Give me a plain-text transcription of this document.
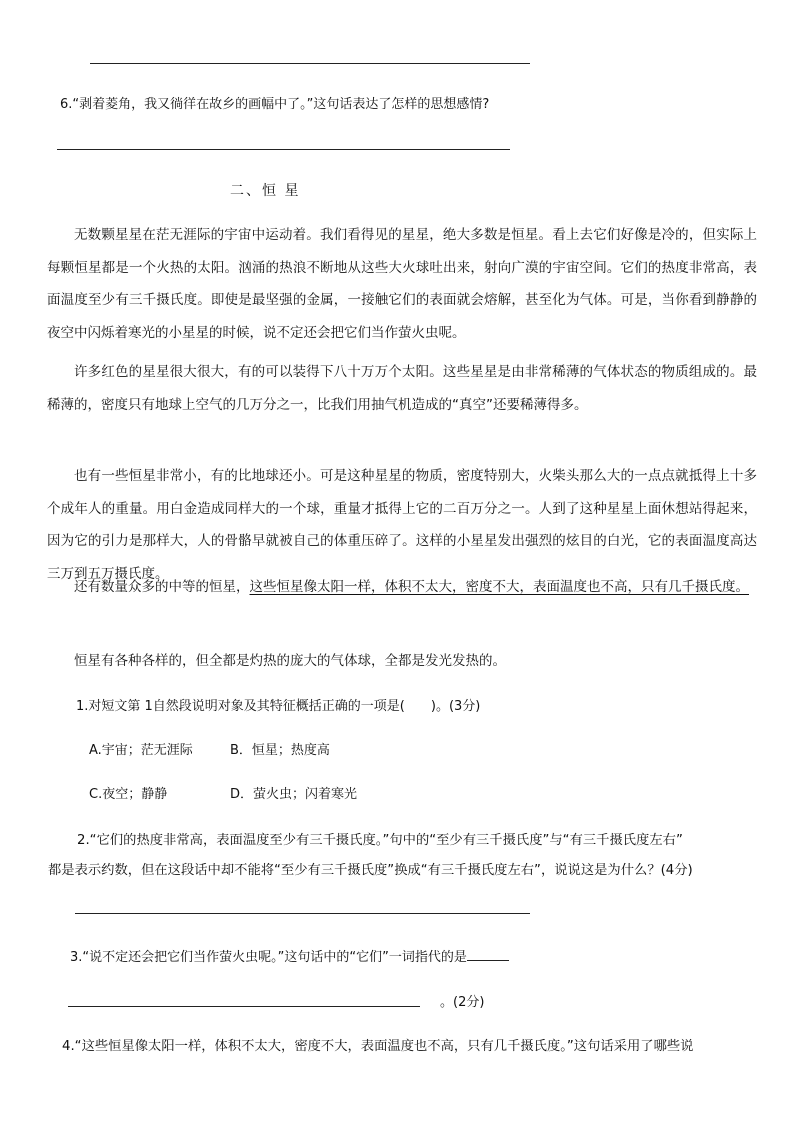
6.“剥着菱角，我又徜徉在故乡的画幅中了。”这句话表达了怎样的思想感情?
二、恒 星
无数颗星星在茫无涯际的宇宙中运动着。我们看得见的星星，绝大多数是恒星。看上去它们好像是冷的，但实际上每颗恒星都是一个火热的太阳。汹涌的热浪不断地从这些大火球吐出来，射向广漠的宇宙空间。它们的热度非常高，表面温度至少有三千摄氏度。即使是最坚强的金属，一接触它们的表面就会熔解，甚至化为气体。可是，当你看到静静的夜空中闪烁着寒光的小星星的时候，说不定还会把它们当作萤火虫呢。
许多红色的星星很大很大，有的可以装得下八十万万个太阳。这些星星是由非常稀薄的气体状态的物质组成的。最稀薄的，密度只有地球上空气的几万分之一，比我们用抽气机造成的“真空”还要稀薄得多。
也有一些恒星非常小，有的比地球还小。可是这种星星的物质，密度特别大，火柴头那么大的一点点就抵得上十多个成年人的重量。用白金造成同样大的一个球，重量才抵得上它的二百万分之一。人到了这种星星上面休想站得起来，因为它的引力是那样大，人的骨骼早就被自己的体重压碎了。这样的小星星发出强烈的炫目的白光，它的表面温度高达三万到五万摄氏度。
还有数量众多的中等的恒星，这些恒星像太阳一样，体积不太大，密度不大，表面温度也不高，只有几千摄氏度。
恒星有各种各样的，但全都是灼热的庞大的气体球，全都是发光发热的。
1.对短文第 1自然段说明对象及其特征概括正确的一项是(　　)。(3分)
A.宇宙；茫无涯际	B．恒星；热度高
C.夜空；静静	D．萤火虫；闪着寒光
2.“它们的热度非常高，表面温度至少有三千摄氏度。”句中的“至少有三千摄氏度”与“有三千摄氏度左右”
都是表示约数，但在这段话中却不能将“至少有三千摄氏度”换成“有三千摄氏度左右”，说说这是为什么？(4分)
3.“说不定还会把它们当作萤火虫呢。”这句话中的“它们”一词指代的是
。(2分)
4.“这些恒星像太阳一样，体积不太大，密度不大，表面温度也不高，只有几千摄氏度。”这句话采用了哪些说
